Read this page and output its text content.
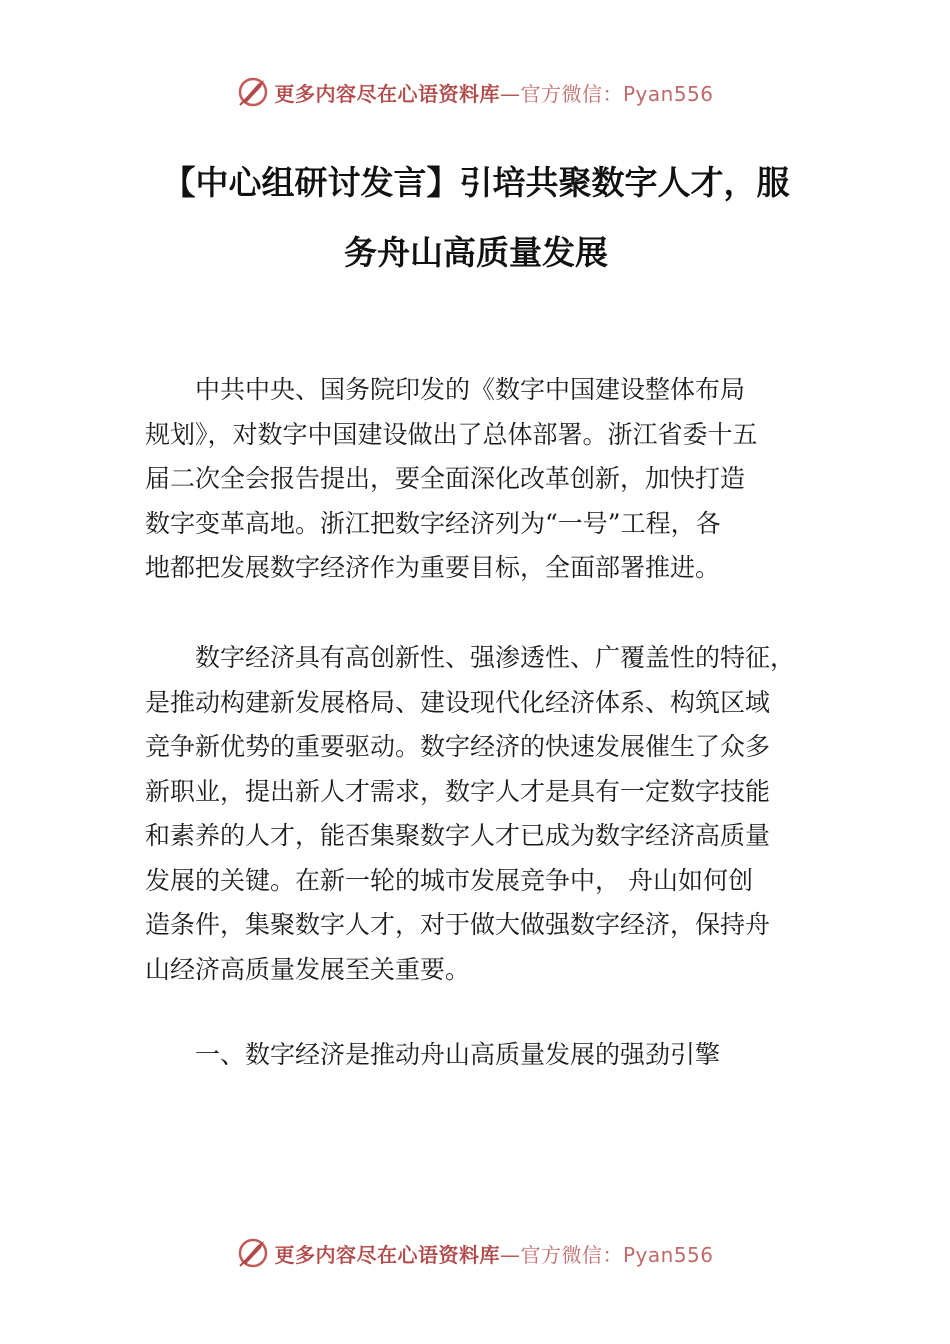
更多内容尽在心语资料库—官方微信：Pyan556
【中心组研讨发言】引培共聚数字人才，服
务舟山高质量发展
　　中共中央、国务院印发的《数字中国建设整体布局
规划》，对数字中国建设做出了总体部署。浙江省委十五
届二次全会报告提出，要全面深化改革创新，加快打造
数字变革高地。浙江把数字经济列为“一号”工程，各
地都把发展数字经济作为重要目标，全面部署推进。
　　数字经济具有高创新性、强渗透性、广覆盖性的特征，
是推动构建新发展格局、建设现代化经济体系、构筑区域
竞争新优势的重要驱动。数字经济的快速发展催生了众多
新职业，提出新人才需求，数字人才是具有一定数字技能
和素养的人才，能否集聚数字人才已成为数字经济高质量
发展的关键。在新一轮的城市发展竞争中， 舟山如何创
造条件，集聚数字人才，对于做大做强数字经济，保持舟
山经济高质量发展至关重要。
　　一、数字经济是推动舟山高质量发展的强劲引擎
更多内容尽在心语资料库—官方微信：Pyan556
